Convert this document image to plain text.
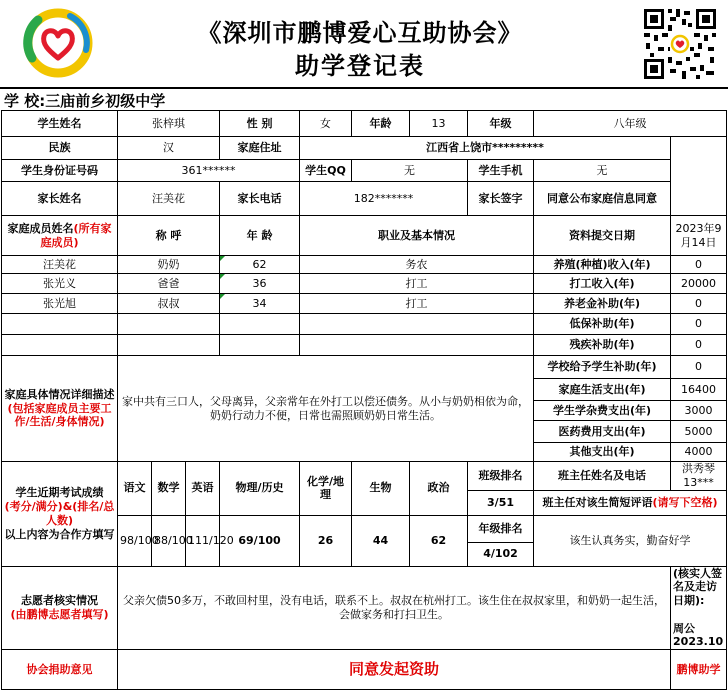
《深圳市鹏博爱心互助协会》
助学登记表
学 校:三庙前乡初级中学
学生姓名	张梓琪			性 别	女	年龄	13	年级	八年级	

民族	汉			家庭住址	江西省上饶市*********						
学生身份证号码	361******				学生QQ	无		学生手机	无		
家长姓名	汪美花			家长电话	182*******			家长签字	同意公布家庭信息同意		
家庭成员姓名(所有家庭成员)	称 呼			年 龄	职业及基本情况				资料提交日期	2023年9月14日	
汪美花	奶奶			62	务农				养殖(种植)收入(年)	0	
张光义	爸爸			36	打工				打工收入(年)	20000	
张光旭	叔叔			34	打工				养老金补助(年)	0	
									低保补助(年)	0	
									残疾补助(年)	0	
家庭具体情况详细描述(包括家庭成员主要工作/生活/身体情况)	家中共有三口人，父母离异，父亲常年在外打工以偿还债务。从小与奶奶相依为命，奶奶行动力不便，日常也需照顾奶奶日常生活。								学校给予学生补助(年)	0	
									家庭生活支出(年)	16400	
									学生学杂费支出(年)	3000	
									医药费用支出(年)	5000	
									其他支出(年)	4000	
学生近期考试成绩
(考分/满分)&(排名/总人数)
以上内容为合作方填写	语文	数学	英语	物理/历史	化学/地理	生物	政治	班级排名	班主任姓名及电话	洪秀琴13***	
								3/51	班主任对该生简短评语(请写下空格)		
	98/100	88/100	111/120	69/100	26	44	62	年级排名	该生认真务实，勤奋好学		
								4/102			
志愿者核实情况
(由鹏博志愿者填写)	父亲欠债50多万，不敢回村里，没有电话，联系不上。叔叔在杭州打工。该生住在叔叔家里，和奶奶一起生活，会做家务和打扫卫生。									(核实人签名及走访日期):

周公 2023.10	
协会捐助意见	同意发起资助									鹏博助学	
